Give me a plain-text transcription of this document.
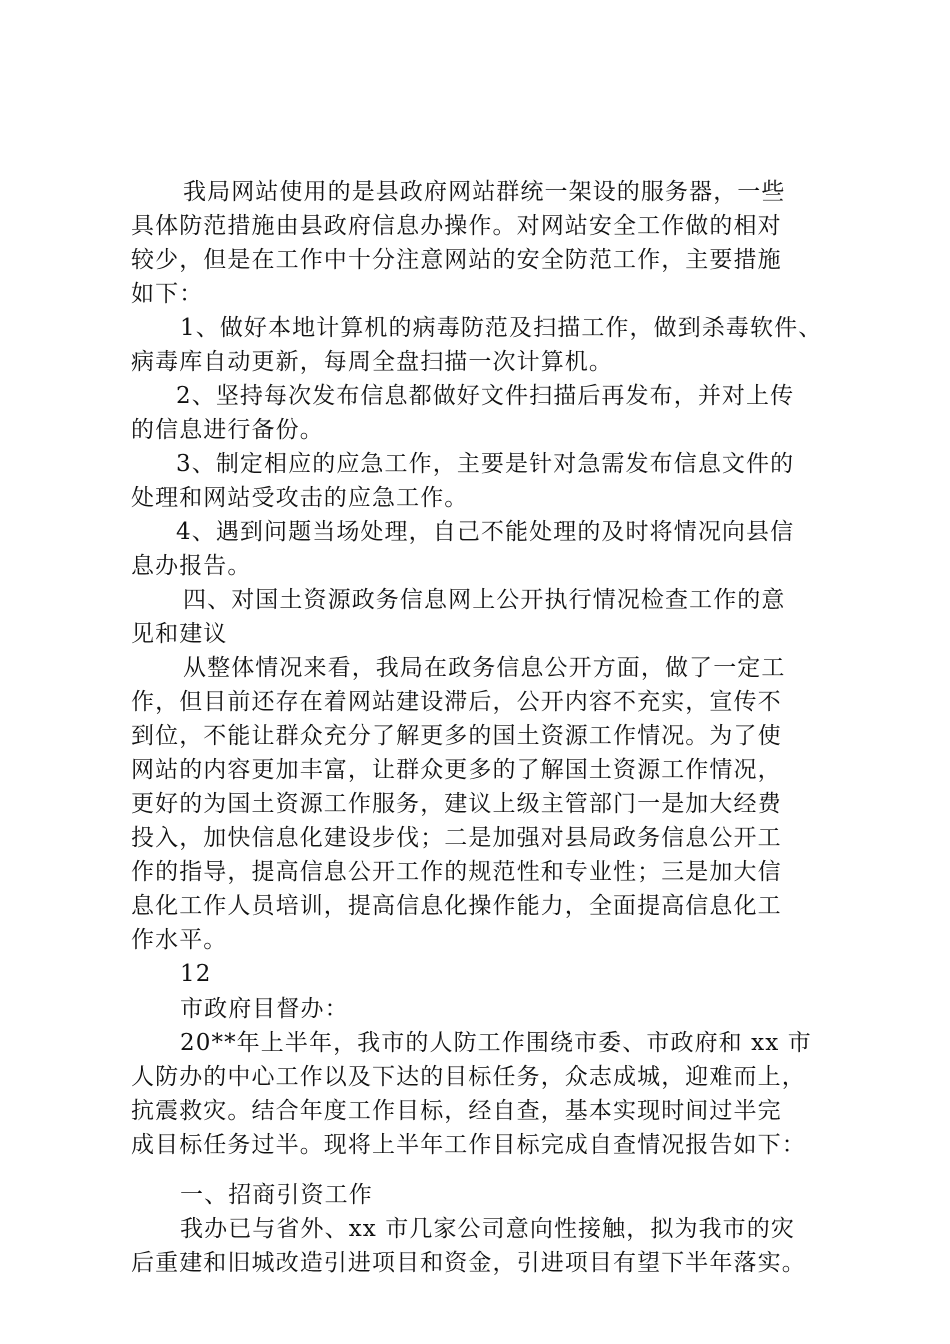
我局网站使用的是县政府网站群统一架设的服务器，一些
具体防范措施由县政府信息办操作。对网站安全工作做的相对
较少，但是在工作中十分注意网站的安全防范工作，主要措施
如下：
1、做好本地计算机的病毒防范及扫描工作，做到杀毒软件、
病毒库自动更新，每周全盘扫描一次计算机。
2、坚持每次发布信息都做好文件扫描后再发布，并对上传
的信息进行备份。
3、制定相应的应急工作，主要是针对急需发布信息文件的
处理和网站受攻击的应急工作。
4、遇到问题当场处理，自己不能处理的及时将情况向县信
息办报告。
四、对国土资源政务信息网上公开执行情况检查工作的意
见和建议
从整体情况来看，我局在政务信息公开方面，做了一定工
作，但目前还存在着网站建设滞后，公开内容不充实，宣传不
到位，不能让群众充分了解更多的国土资源工作情况。为了使
网站的内容更加丰富，让群众更多的了解国土资源工作情况，
更好的为国土资源工作服务，建议上级主管部门一是加大经费
投入，加快信息化建设步伐；二是加强对县局政务信息公开工
作的指导，提高信息公开工作的规范性和专业性；三是加大信
息化工作人员培训，提高信息化操作能力，全面提高信息化工
作水平。
12
市政府目督办：
20**年上半年，我市的人防工作围绕市委、市政府和 xx 市
人防办的中心工作以及下达的目标任务，众志成城，迎难而上，
抗震救灾。结合年度工作目标，经自查，基本实现时间过半完
成目标任务过半。现将上半年工作目标完成自查情况报告如下：
一、招商引资工作
我办已与省外、xx 市几家公司意向性接触，拟为我市的灾
后重建和旧城改造引进项目和资金，引进项目有望下半年落实。
